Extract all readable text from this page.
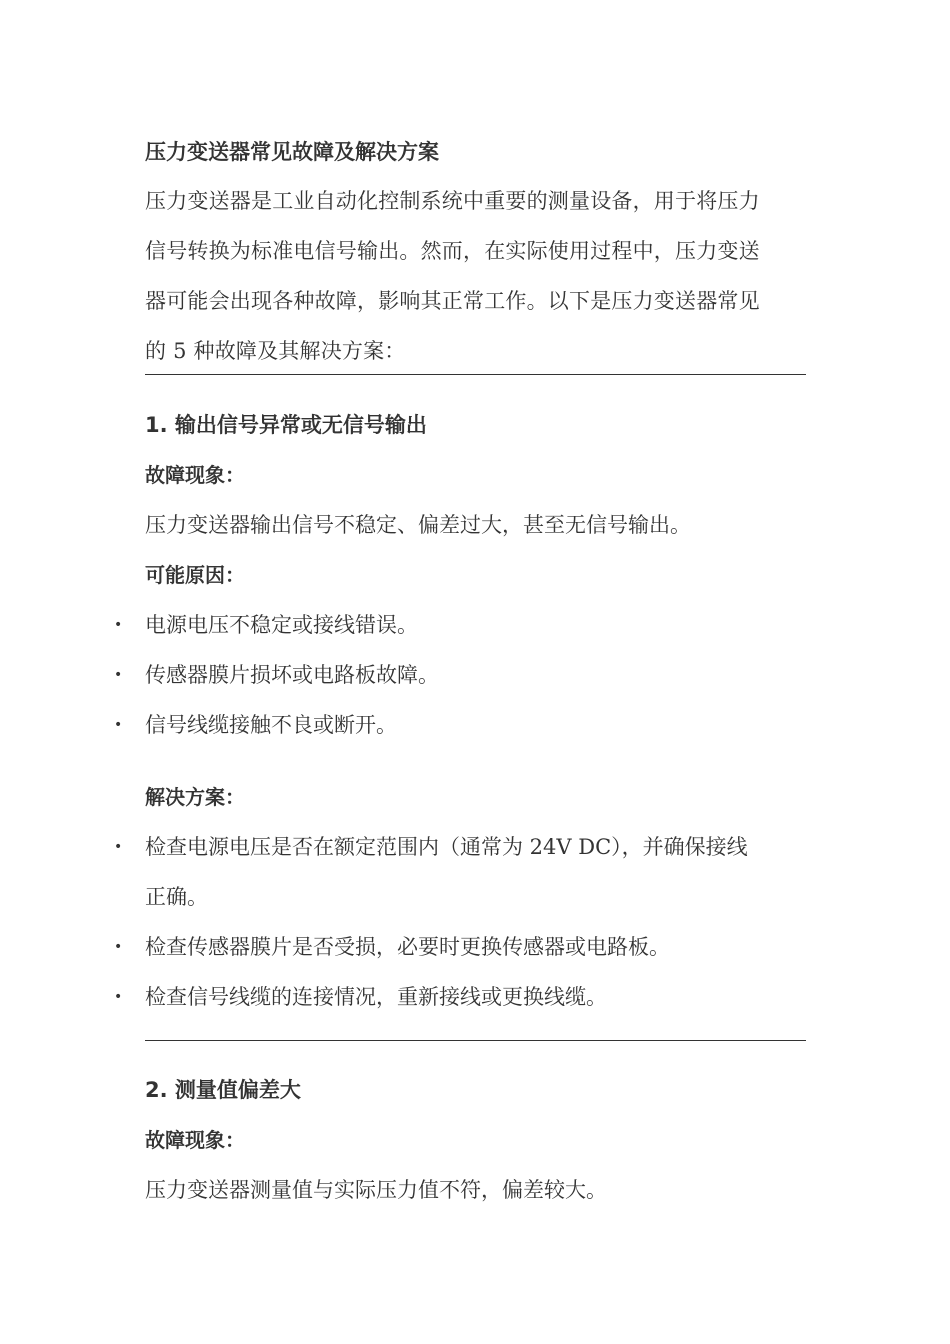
压力变送器常见故障及解决方案

压力变送器是工业自动化控制系统中重要的测量设备，用于将压力

信号转换为标准电信号输出。然而，在实际使用过程中，压力变送

器可能会出现各种故障，影响其正常工作。以下是压力变送器常见

的 5 种故障及其解决方案：

1. 输出信号异常或无信号输出

故障现象：

压力变送器输出信号不稳定、偏差过大，甚至无信号输出。

可能原因：

• 电源电压不稳定或接线错误。
• 传感器膜片损坏或电路板故障。
• 信号线缆接触不良或断开。

解决方案：

• 检查电源电压是否在额定范围内（通常为 24V DC），并确保接线
正确。
• 检查传感器膜片是否受损，必要时更换传感器或电路板。
• 检查信号线缆的连接情况，重新接线或更换线缆。

2. 测量值偏差大

故障现象：

压力变送器测量值与实际压力值不符，偏差较大。
